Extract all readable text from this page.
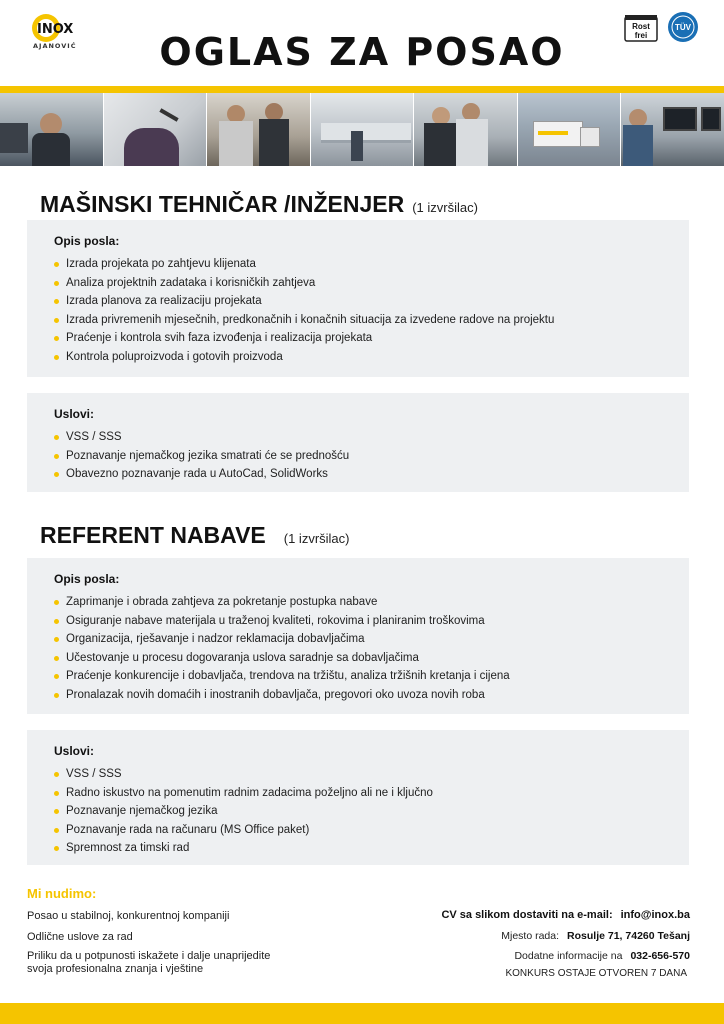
INOX
AJANOVIĆ	OGLAS ZA POSAO
Rost
frei
TÜV
MAŠINSKI TEHNIČAR /INŽENJER (1 izvršilac)
Opis posla:
Izrada projekata po zahtjevu klijenata
Analiza projektnih zadataka i korisničkih zahtjeva
Izrada planova za realizaciju projekata
Izrada privremenih mjesečnih, predkonačnih i konačnih situacija za izvedene radove na projektu
Praćenje i kontrola svih faza izvođenja i realizacija projekata
Kontrola poluproizvoda i gotovih proizvoda
Uslovi:
VSS / SSS
Poznavanje njemačkog jezika smatrati će se prednošću
Obavezno poznavanje rada u AutoCad, SolidWorks
REFERENT NABAVE (1 izvršilac)
Opis posla:
Zaprimanje i obrada zahtjeva za pokretanje postupka nabave
Osiguranje nabave materijala u traženoj kvaliteti, rokovima i planiranim troškovima
Organizacija, rješavanje i nadzor reklamacija dobavljačima
Učestovanje u procesu dogovaranja uslova saradnje sa dobavljačima
Praćenje konkurencije i dobavljača, trendova na tržištu, analiza tržišnih kretanja i cijena
Pronalazak novih domaćih i inostranih dobavljača, pregovori oko uvoza novih roba
Uslovi:
VSS / SSS
Radno iskustvo na pomenutim radnim zadacima poželjno ali ne i ključno
Poznavanje njemačkog jezika
Poznavanje rada na računaru (MS Office paket)
Spremnost za timski rad
Mi nudimo:
Posao u stabilnoj, konkurentnoj kompaniji
Odlične uslove za rad
Priliku da u potpunosti iskažete i dalje unaprijedite svoja profesionalna znanja i vještine
CV sa slikom dostaviti na e-mail: info@inox.ba
Mjesto rada: Rosulje 71, 74260 Tešanj
Dodatne informacije na 032-656-570
KONKURS OSTAJE OTVOREN 7 DANA
